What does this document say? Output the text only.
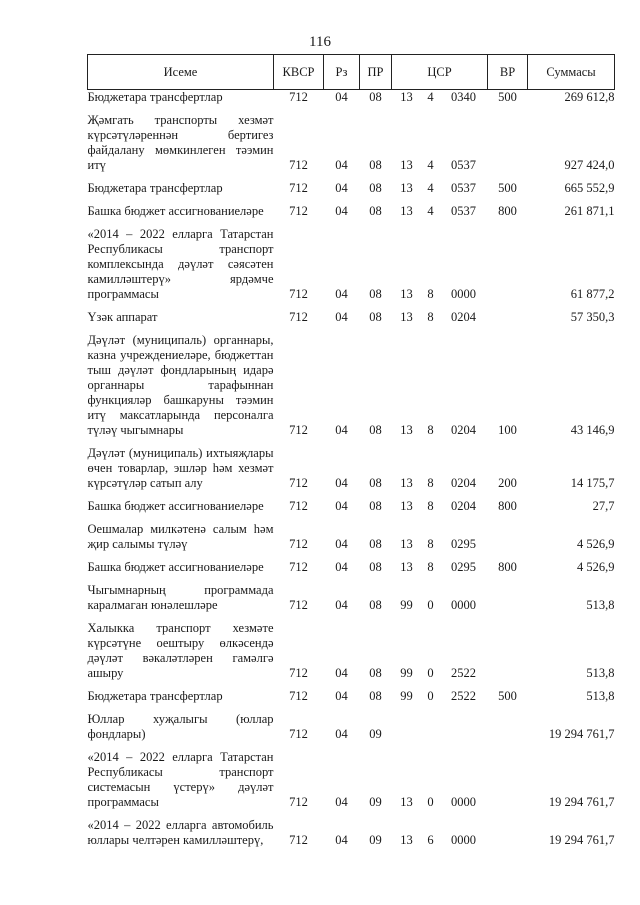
116
Исеме	КВСР	Рз	ПР	ЦСР			ВР	Суммасы
Бюджетара трансфертлар	712	04	08	13	4	0340	500	269 612,8

Җәмгать транспорты хезмәт күрсәтүләреннән бертигез файдалану мөмкинлеген тәэмин итү	712	04	08	13	4	0537		927 424,0

Бюджетара трансфертлар	712	04	08	13	4	0537	500	665 552,9

Башка бюджет ассигнованиеләре	712	04	08	13	4	0537	800	261 871,1

«2014 – 2022 елларга Татарстан Республикасы транспорт комплексында дәүләт сәясәтен камилләштерү» ярдәмче программасы	712	04	08	13	8	0000		61 877,2

Үзәк аппарат	712	04	08	13	8	0204		57 350,3

Дәүләт (муниципаль) органнары, казна учреждениеләре, бюджеттан тыш дәүләт фондларының идарә органнары тарафыннан функцияләр башкаруны тәэмин итү максатларында персоналга түләү чыгымнары	712	04	08	13	8	0204	100	43 146,9

Дәүләт (муниципаль) ихтыяҗлары өчен товарлар, эшләр һәм хезмәт күрсәтүләр сатып алу	712	04	08	13	8	0204	200	14 175,7

Башка бюджет ассигнованиеләре	712	04	08	13	8	0204	800	27,7

Оешмалар милкәтенә салым һәм җир салымы түләү	712	04	08	13	8	0295		4 526,9

Башка бюджет ассигнованиеләре	712	04	08	13	8	0295	800	4 526,9

Чыгымнарның программада каралмаган юнәлешләре	712	04	08	99	0	0000		513,8

Халыкка транспорт хезмәте күрсәтүне оештыру өлкәсендә дәүләт вәкаләтләрен гамәлгә ашыру	712	04	08	99	0	2522		513,8

Бюджетара трансфертлар	712	04	08	99	0	2522	500	513,8

Юллар хуҗалыгы (юллар фондлары)	712	04	09					19 294 761,7

«2014 – 2022 елларга Татарстан Республикасы транспорт системасын үстерү» дәүләт программасы	712	04	09	13	0	0000		19 294 761,7

«2014 – 2022 елларга автомобиль юллары челтәрен камилләштерү,	712	04	09	13	6	0000		19 294 761,7
